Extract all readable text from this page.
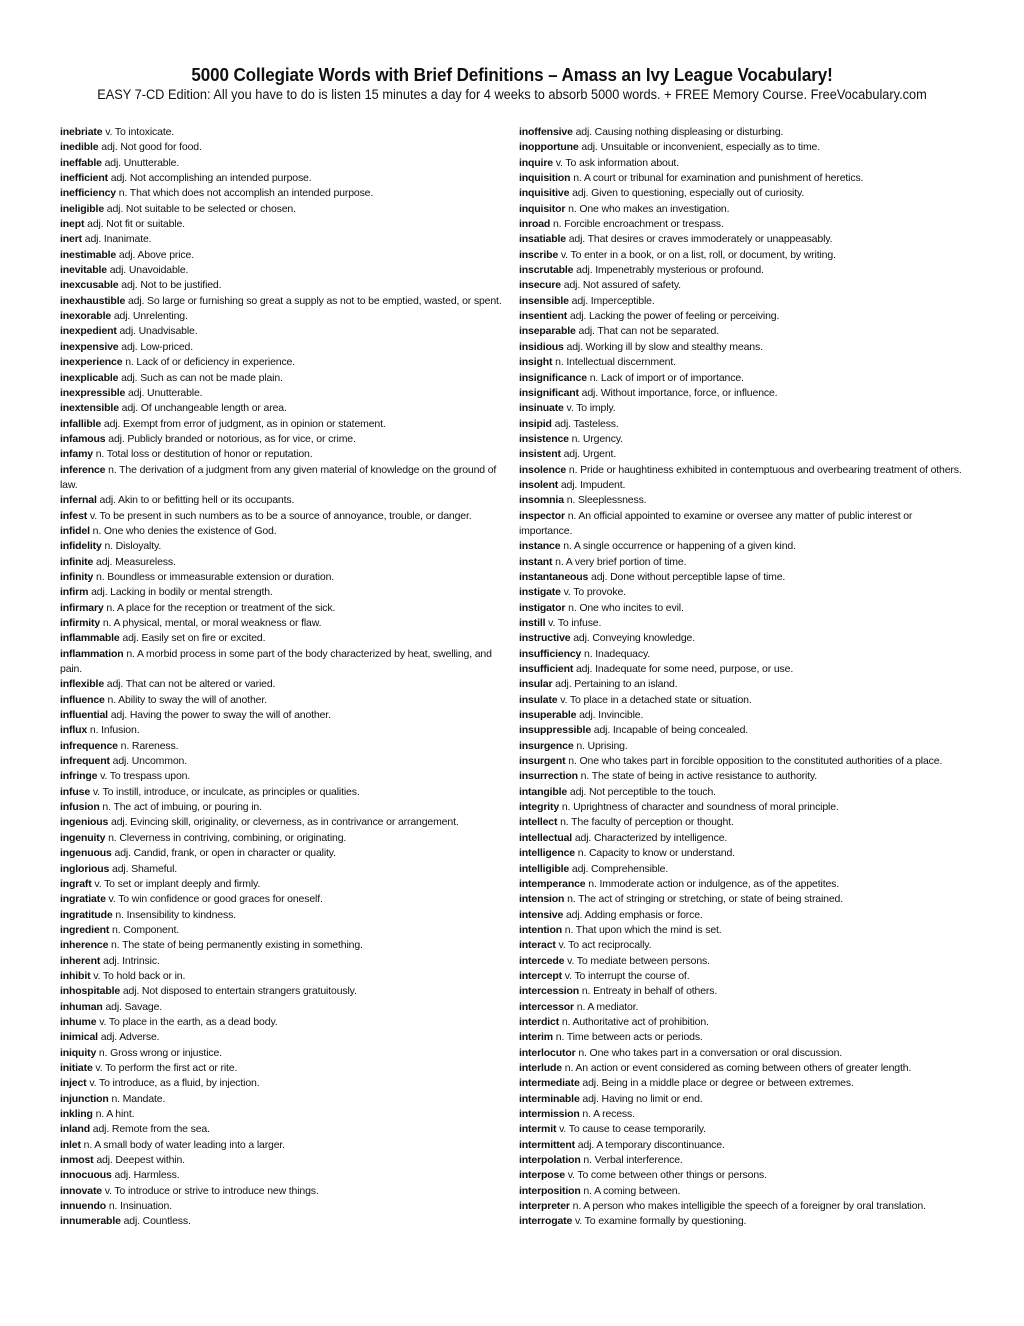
5000 Collegiate Words with Brief Definitions – Amass an Ivy League Vocabulary!
EASY 7-CD Edition: All you have to do is listen 15 minutes a day for 4 weeks to absorb 5000 words. + FREE Memory Course. FreeVocabulary.com
inebriate v. To intoxicate.
inedible adj. Not good for food.
ineffable adj. Unutterable.
inefficient adj. Not accomplishing an intended purpose.
inefficiency n. That which does not accomplish an intended purpose.
ineligible adj. Not suitable to be selected or chosen.
inept adj. Not fit or suitable.
inert adj. Inanimate.
inestimable adj. Above price.
inevitable adj. Unavoidable.
inexcusable adj. Not to be justified.
inexhaustible adj. So large or furnishing so great a supply as not to be emptied, wasted, or spent.
inexorable adj. Unrelenting.
inexpedient adj. Unadvisable.
inexpensive adj. Low-priced.
inexperience n. Lack of or deficiency in experience.
inexplicable adj. Such as can not be made plain.
inexpressible adj. Unutterable.
inextensible adj. Of unchangeable length or area.
infallible adj. Exempt from error of judgment, as in opinion or statement.
infamous adj. Publicly branded or notorious, as for vice, or crime.
infamy n. Total loss or destitution of honor or reputation.
inference n. The derivation of a judgment from any given material of knowledge on the ground of law.
infernal adj. Akin to or befitting hell or its occupants.
infest v. To be present in such numbers as to be a source of annoyance, trouble, or danger.
infidel n. One who denies the existence of God.
infidelity n. Disloyalty.
infinite adj. Measureless.
infinity n. Boundless or immeasurable extension or duration.
infirm adj. Lacking in bodily or mental strength.
infirmary n. A place for the reception or treatment of the sick.
infirmity n. A physical, mental, or moral weakness or flaw.
inflammable adj. Easily set on fire or excited.
inflammation n. A morbid process in some part of the body characterized by heat, swelling, and pain.
inflexible adj. That can not be altered or varied.
influence n. Ability to sway the will of another.
influential adj. Having the power to sway the will of another.
influx n. Infusion.
infrequence n. Rareness.
infrequent adj. Uncommon.
infringe v. To trespass upon.
infuse v. To instill, introduce, or inculcate, as principles or qualities.
infusion n. The act of imbuing, or pouring in.
ingenious adj. Evincing skill, originality, or cleverness, as in contrivance or arrangement.
ingenuity n. Cleverness in contriving, combining, or originating.
ingenuous adj. Candid, frank, or open in character or quality.
inglorious adj. Shameful.
ingraft v. To set or implant deeply and firmly.
ingratiate v. To win confidence or good graces for oneself.
ingratitude n. Insensibility to kindness.
ingredient n. Component.
inherence n. The state of being permanently existing in something.
inherent adj. Intrinsic.
inhibit v. To hold back or in.
inhospitable adj. Not disposed to entertain strangers gratuitously.
inhuman adj. Savage.
inhume v. To place in the earth, as a dead body.
inimical adj. Adverse.
iniquity n. Gross wrong or injustice.
initiate v. To perform the first act or rite.
inject v. To introduce, as a fluid, by injection.
injunction n. Mandate.
inkling n. A hint.
inland adj. Remote from the sea.
inlet n. A small body of water leading into a larger.
inmost adj. Deepest within.
innocuous adj. Harmless.
innovate v. To introduce or strive to introduce new things.
innuendo n. Insinuation.
innumerable adj. Countless.
inoffensive adj. Causing nothing displeasing or disturbing.
inopportune adj. Unsuitable or inconvenient, especially as to time.
inquire v. To ask information about.
inquisition n. A court or tribunal for examination and punishment of heretics.
inquisitive adj. Given to questioning, especially out of curiosity.
inquisitor n. One who makes an investigation.
inroad n. Forcible encroachment or trespass.
insatiable adj. That desires or craves immoderately or unappeasably.
inscribe v. To enter in a book, or on a list, roll, or document, by writing.
inscrutable adj. Impenetrably mysterious or profound.
insecure adj. Not assured of safety.
insensible adj. Imperceptible.
insentient adj. Lacking the power of feeling or perceiving.
inseparable adj. That can not be separated.
insidious adj. Working ill by slow and stealthy means.
insight n. Intellectual discernment.
insignificance n. Lack of import or of importance.
insignificant adj. Without importance, force, or influence.
insinuate v. To imply.
insipid adj. Tasteless.
insistence n. Urgency.
insistent adj. Urgent.
insolence n. Pride or haughtiness exhibited in contemptuous and overbearing treatment of others.
insolent adj. Impudent.
insomnia n. Sleeplessness.
inspector n. An official appointed to examine or oversee any matter of public interest or importance.
instance n. A single occurrence or happening of a given kind.
instant n. A very brief portion of time.
instantaneous adj. Done without perceptible lapse of time.
instigate v. To provoke.
instigator n. One who incites to evil.
instill v. To infuse.
instructive adj. Conveying knowledge.
insufficiency n. Inadequacy.
insufficient adj. Inadequate for some need, purpose, or use.
insular adj. Pertaining to an island.
insulate v. To place in a detached state or situation.
insuperable adj. Invincible.
insuppressible adj. Incapable of being concealed.
insurgence n. Uprising.
insurgent n. One who takes part in forcible opposition to the constituted authorities of a place.
insurrection n. The state of being in active resistance to authority.
intangible adj. Not perceptible to the touch.
integrity n. Uprightness of character and soundness of moral principle.
intellect n. The faculty of perception or thought.
intellectual adj. Characterized by intelligence.
intelligence n. Capacity to know or understand.
intelligible adj. Comprehensible.
intemperance n. Immoderate action or indulgence, as of the appetites.
intension n. The act of stringing or stretching, or state of being strained.
intensive adj. Adding emphasis or force.
intention n. That upon which the mind is set.
interact v. To act reciprocally.
intercede v. To mediate between persons.
intercept v. To interrupt the course of.
intercession n. Entreaty in behalf of others.
intercessor n. A mediator.
interdict n. Authoritative act of prohibition.
interim n. Time between acts or periods.
interlocutor n. One who takes part in a conversation or oral discussion.
interlude n. An action or event considered as coming between others of greater length.
intermediate adj. Being in a middle place or degree or between extremes.
interminable adj. Having no limit or end.
intermission n. A recess.
intermit v. To cause to cease temporarily.
intermittent adj. A temporary discontinuance.
interpolation n. Verbal interference.
interpose v. To come between other things or persons.
interposition n. A coming between.
interpreter n. A person who makes intelligible the speech of a foreigner by oral translation.
interrogate v. To examine formally by questioning.
